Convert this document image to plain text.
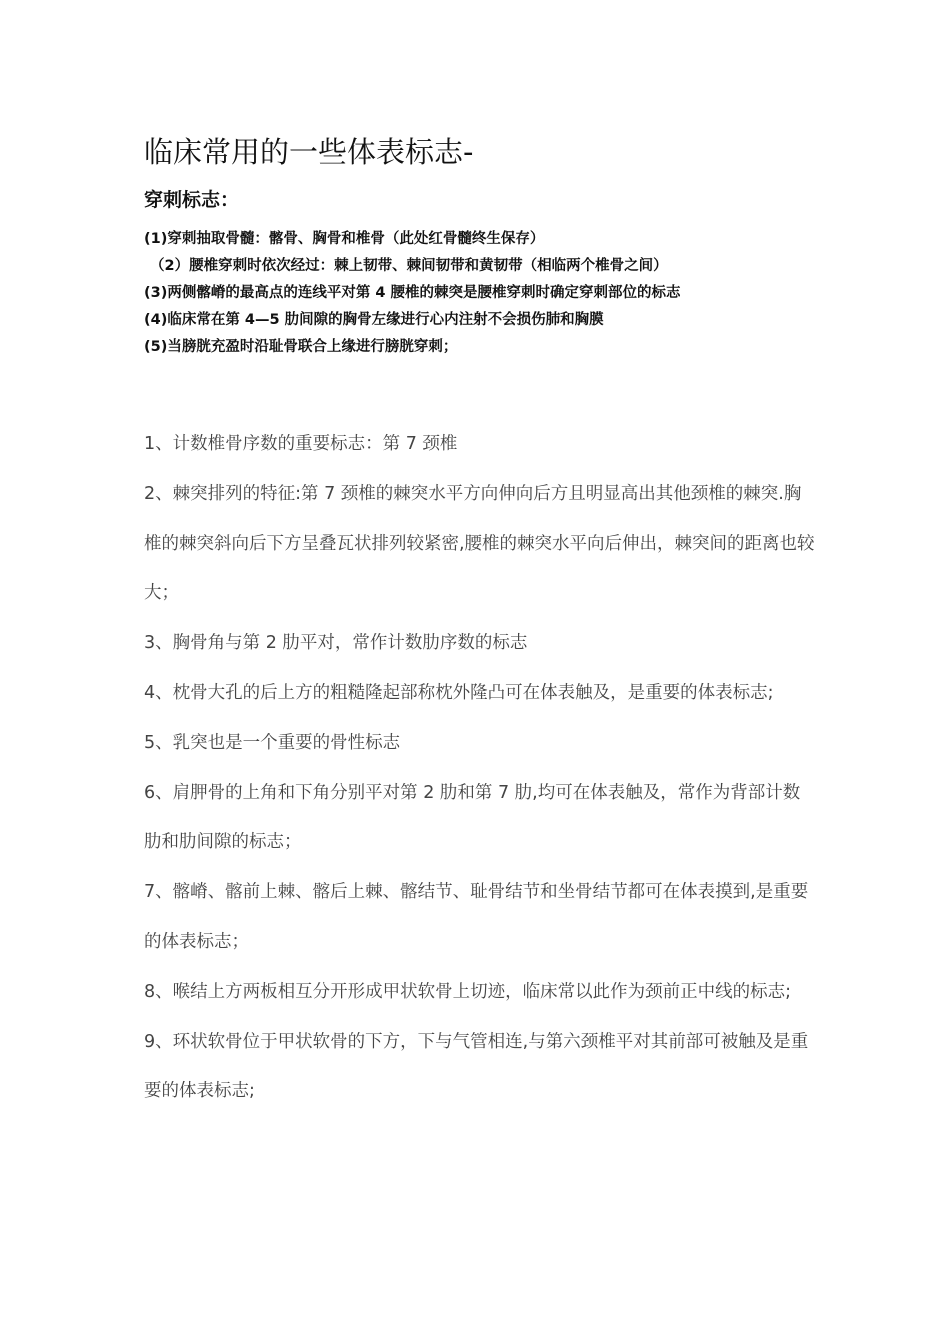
临床常用的一些体表标志-
穿刺标志：
(1)穿刺抽取骨髓：髂骨、胸骨和椎骨（此处红骨髓终生保存）
（2）腰椎穿刺时依次经过：棘上韧带、棘间韧带和黄韧带（相临两个椎骨之间）
(3)两侧髂嵴的最高点的连线平对第 4 腰椎的棘突是腰椎穿刺时确定穿刺部位的标志
(4)临床常在第 4—5 肋间隙的胸骨左缘进行心内注射不会损伤肺和胸膜
(5)当膀胱充盈时沿耻骨联合上缘进行膀胱穿刺；
1、计数椎骨序数的重要标志：第 7 颈椎
2、棘突排列的特征:第 7 颈椎的棘突水平方向伸向后方且明显高出其他颈椎的棘突.胸椎的棘突斜向后下方呈叠瓦状排列较紧密,腰椎的棘突水平向后伸出，棘突间的距离也较大；
3、胸骨角与第 2 肋平对，常作计数肋序数的标志
4、枕骨大孔的后上方的粗糙隆起部称枕外隆凸可在体表触及，是重要的体表标志;
5、乳突也是一个重要的骨性标志
6、肩胛骨的上角和下角分别平对第 2 肋和第 7 肋,均可在体表触及，常作为背部计数肋和肋间隙的标志；
7、髂嵴、髂前上棘、髂后上棘、髂结节、耻骨结节和坐骨结节都可在体表摸到,是重要的体表标志；
8、喉结上方两板相互分开形成甲状软骨上切迹，临床常以此作为颈前正中线的标志;
9、环状软骨位于甲状软骨的下方，下与气管相连,与第六颈椎平对其前部可被触及是重要的体表标志;
